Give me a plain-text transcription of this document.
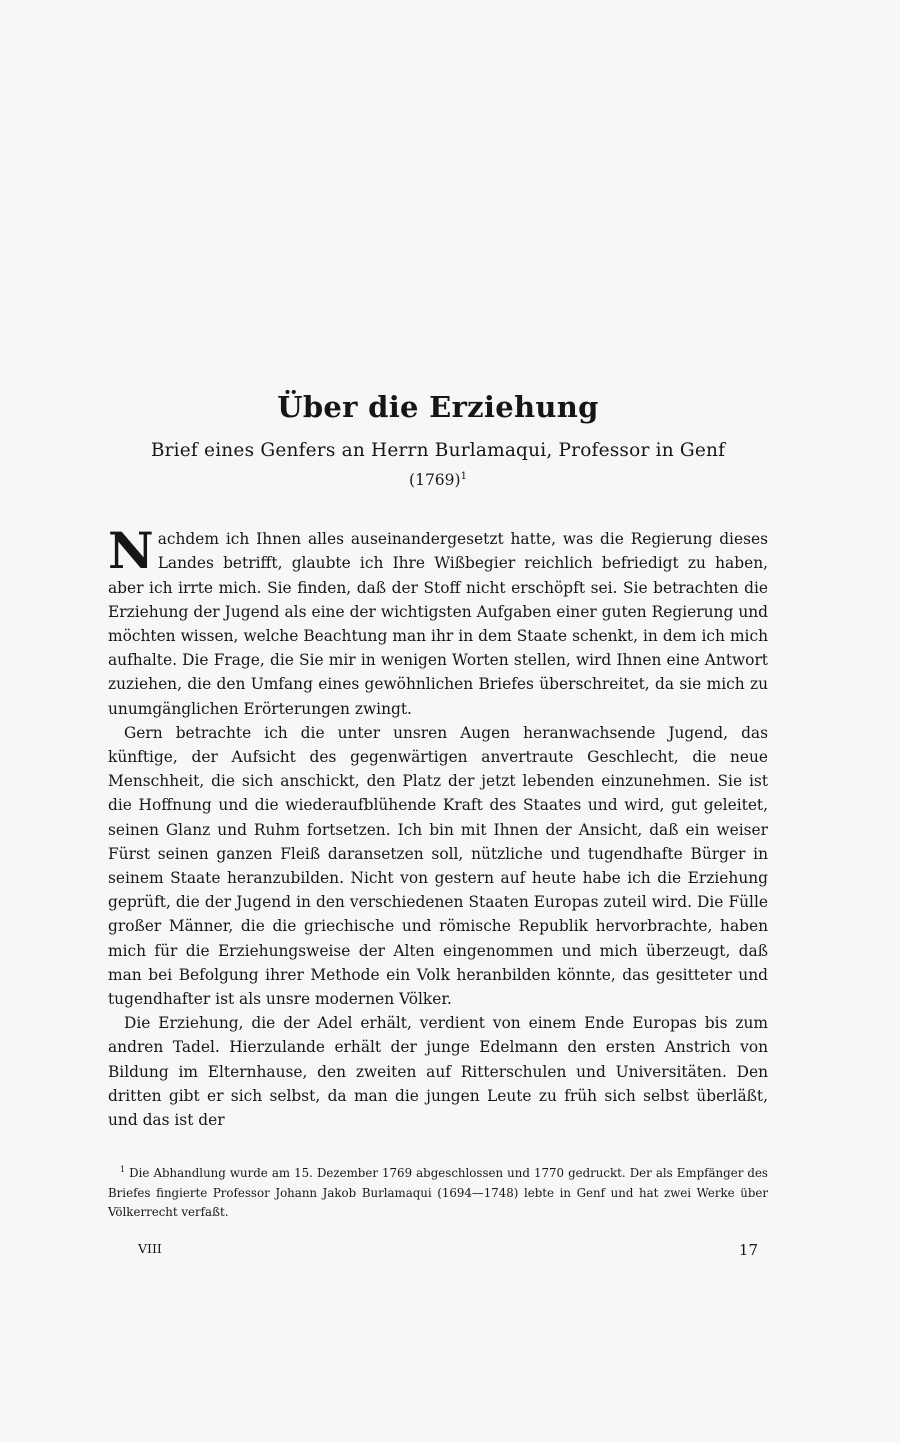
Über die Erziehung
Brief eines Genfers an Herrn Burlamaqui, Professor in Genf
$(1769)^1$

Nachdem ich Ihnen alles auseinandergesetzt hatte, was die Regierung dieses Landes betrifft, glaubte ich Ihre Wißbegier reichlich befriedigt zu haben, aber ich irrte mich. Sie finden, daß der Stoff nicht erschöpft sei. Sie betrachten die Erziehung der Jugend als eine der wichtigsten Aufgaben einer guten Regierung und möchten wissen, welche Beachtung man ihr in dem Staate schenkt, in dem ich mich aufhalte. Die Frage, die Sie mir in wenigen Worten stellen, wird Ihnen eine Antwort zuziehen, die den Umfang eines gewöhnlichen Briefes überschreitet, da sie mich zu unumgänglichen Erörterungen zwingt.

Gern betrachte ich die unter unsren Augen heranwachsende Jugend, das künftige, der Aufsicht des gegenwärtigen anvertraute Geschlecht, die neue Menschheit, die sich anschickt, den Platz der jetzt lebenden einzunehmen. Sie ist die Hoffnung und die wiederaufblühende Kraft des Staates und wird, gut geleitet, seinen Glanz und Ruhm fortsetzen. Ich bin mit Ihnen der Ansicht, daß ein weiser Fürst seinen ganzen Fleiß daransetzen soll, nützliche und tugendhafte Bürger in seinem Staate heranzubilden. Nicht von gestern auf heute habe ich die Erziehung geprüft, die der Jugend in den verschiedenen Staaten Europas zuteil wird. Die Fülle großer Männer, die die griechische und römische Republik hervorbrachte, haben mich für die Erziehungsweise der Alten eingenommen und mich überzeugt, daß man bei Befolgung ihrer Methode ein Volk heranbilden könnte, das gesitteter und tugendhafter ist als unsre modernen Völker.

Die Erziehung, die der Adel erhält, verdient von einem Ende Europas bis zum andren Tadel. Hierzulande erhält der junge Edelmann den ersten Anstrich von Bildung im Elternhause, den zweiten auf Ritterschulen und Universitäten. Den dritten gibt er sich selbst, da man die jungen Leute zu früh sich selbst überläßt, und das ist der

$^1$ Die Abhandlung wurde am 15. Dezember 1769 abgeschlossen und 1770 gedruckt. Der als Empfänger des Briefes fingierte Professor Johann Jakob Burlamaqui (1694—1748) lebte in Genf und hat zwei Werke über Völkerrecht verfaßt.
VIII	17
